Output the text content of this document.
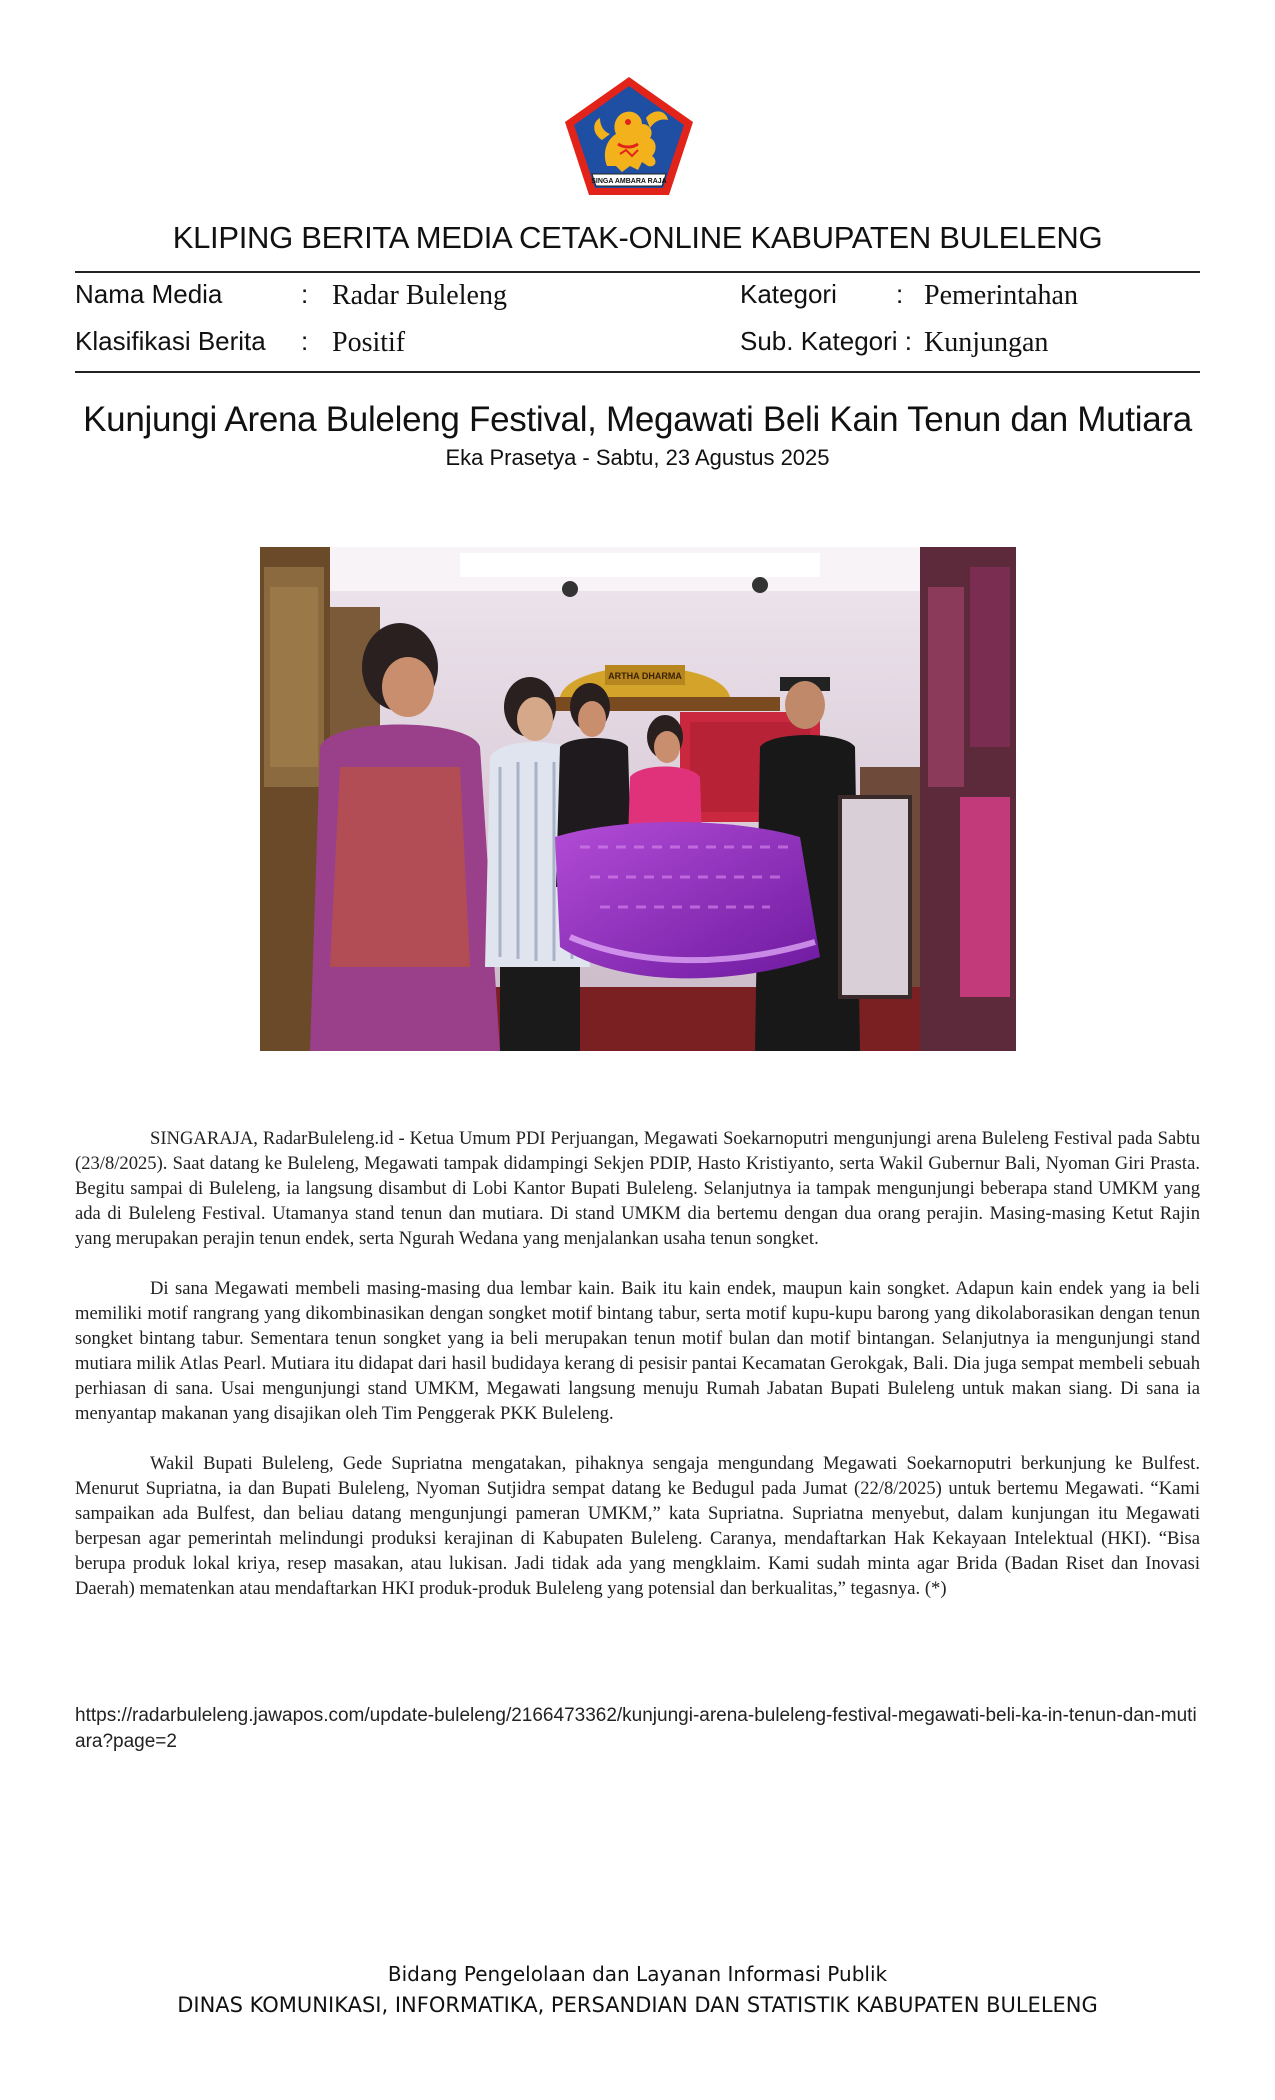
SINGA AMBARA RAJA
KLIPING BERITA MEDIA CETAK-ONLINE KABUPATEN BULELENG
Nama Media	: Radar Buleleng	Kategori : Pemerintahan
Klasifikasi Berita : Positif	Sub. Kategori : Kunjungan
Kunjungi Arena Buleleng Festival, Megawati Beli Kain Tenun dan Mutiara
Eka Prasetya - Sabtu, 23 Agustus 2025
ARTHA DHARMA

SINGARAJA, RadarBuleleng.id - Ketua Umum PDI Perjuangan, Megawati Soekarnoputri mengunjungi arena Buleleng Festival pada Sabtu (23/8/2025). Saat datang ke Buleleng, Megawati tampak didampingi Sekjen PDIP, Hasto Kristiyanto, serta Wakil Gubernur Bali, Nyoman Giri Prasta. Begitu sampai di Buleleng, ia langsung disambut di Lobi Kantor Bupati Buleleng. Selanjutnya ia tampak mengunjungi beberapa stand UMKM yang ada di Buleleng Festival. Utamanya stand tenun dan mutiara. Di stand UMKM dia bertemu dengan dua orang perajin. Masing-masing Ketut Rajin yang merupakan perajin tenun endek, serta Ngurah Wedana yang menjalankan usaha tenun songket.

Di sana Megawati membeli masing-masing dua lembar kain. Baik itu kain endek, maupun kain songket. Adapun kain endek yang ia beli memiliki motif rangrang yang dikombinasikan dengan songket motif bintang tabur, serta motif kupu-kupu barong yang dikolaborasikan dengan tenun songket bintang tabur. Sementara tenun songket yang ia beli merupakan tenun motif bulan dan motif bintangan. Selanjutnya ia mengunjungi stand mutiara milik Atlas Pearl. Mutiara itu didapat dari hasil budidaya kerang di pesisir pantai Kecamatan Gerokgak, Bali. Dia juga sempat membeli sebuah perhiasan di sana. Usai mengunjungi stand UMKM, Megawati langsung menuju Rumah Jabatan Bupati Buleleng untuk makan siang. Di sana ia menyantap makanan yang disajikan oleh Tim Penggerak PKK Buleleng.

Wakil Bupati Buleleng, Gede Supriatna mengatakan, pihaknya sengaja mengundang Megawati Soekarnoputri berkunjung ke Bulfest. Menurut Supriatna, ia dan Bupati Buleleng, Nyoman Sutjidra sempat datang ke Bedugul pada Jumat (22/8/2025) untuk bertemu Megawati. “Kami sampaikan ada Bulfest, dan beliau datang mengunjungi pameran UMKM,” kata Supriatna. Supriatna menyebut, dalam kunjungan itu Megawati berpesan agar pemerintah melindungi produksi kerajinan di Kabupaten Buleleng. Caranya, mendaftarkan Hak Kekayaan Intelektual (HKI). “Bisa berupa produk lokal kriya, resep masakan, atau lukisan. Jadi tidak ada yang mengklaim. Kami sudah minta agar Brida (Badan Riset dan Inovasi Daerah) mematenkan atau mendaftarkan HKI produk-produk Buleleng yang potensial dan berkualitas,” tegasnya. (*)

https://radarbuleleng.jawapos.com/update-buleleng/2166473362/kunjungi-arena-buleleng-festival-megawati-beli-ka-in-tenun-dan-mutiara?page=2
Bidang Pengelolaan dan Layanan Informasi Publik
DINAS KOMUNIKASI, INFORMATIKA, PERSANDIAN DAN STATISTIK KABUPATEN BULELENG
